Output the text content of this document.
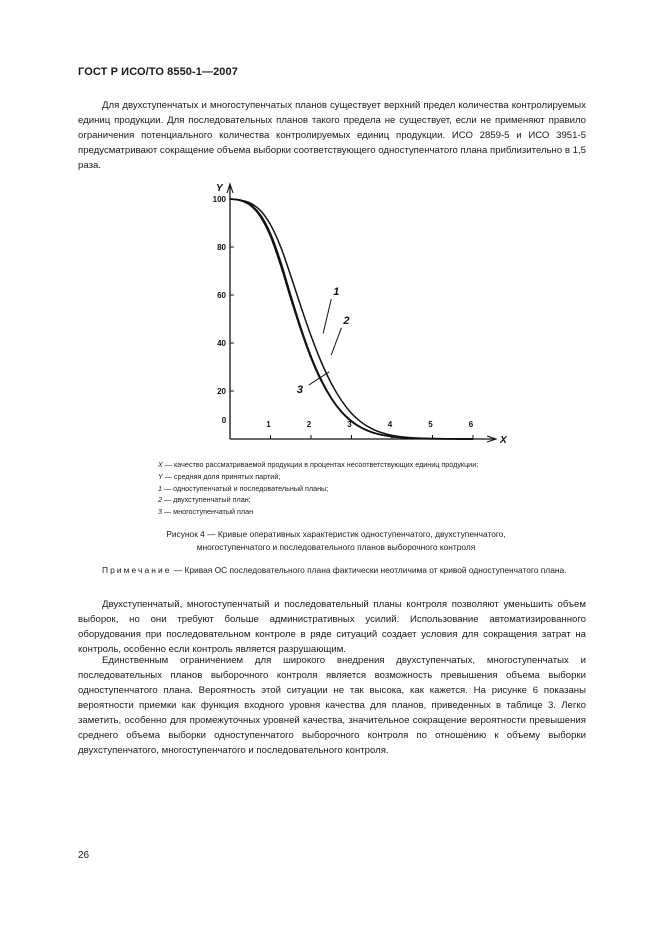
ГОСТ Р ИСО/ТО 8550-1—2007

Для двухступенчатых и многоступенчатых планов существует верхний предел количества контролируемых единиц продукции. Для последовательных планов такого предела не существует, если не применяют правило ограничения потенциального количества контролируемых единиц продукции. ИСО 2859-5 и ИСО 3951-5 предусматривают сокращение объема выборки соответствующего одноступенчатого плана приблизительно в 1,5 раза.

Y
X
20
40
60
80
100
0	1	2	3	4	5	6
1
2
3
X — качество рассматриваемой продукции в процентах несоответствующих единиц продукции;
Y — средняя доля принятых партий;
1 — одноступенчатый и последовательный планы;
2 — двухступенчатый план;
3 — многоступенчатый план
Рисунок 4 — Кривые оперативных характеристик одноступенчатого, двухступенчатого,
многоступенчатого и последовательного планов выборочного контроля
Примечание — Кривая ОС последовательного плана фактически неотличима от кривой одноступенчатого плана.

Двухступенчатый, многоступенчатый и последовательный планы контроля позволяют уменьшить объем выборок, но они требуют больше административных усилий. Использование автоматизированного оборудования при последовательном контроле в ряде ситуаций создает условия для сокращения затрат на контроль, особенно если контроль является разрушающим.

Единственным ограничением для широкого внедрения двухступенчатых, многоступенчатых и последовательных планов выборочного контроля является возможность превышения объема выборки одноступенчатого плана. Вероятность этой ситуации не так высока, как кажется. На рисунке 6 показаны вероятности приемки как функция входного уровня качества для планов, приведенных в таблице 3. Легко заметить, особенно для промежуточных уровней качества, значительное сокращение вероятности превышения среднего объема выборки одноступенчатого выборочного контроля по отношению к объему выборки двухступенчатого, многоступенчатого и последовательного контроля.

26
